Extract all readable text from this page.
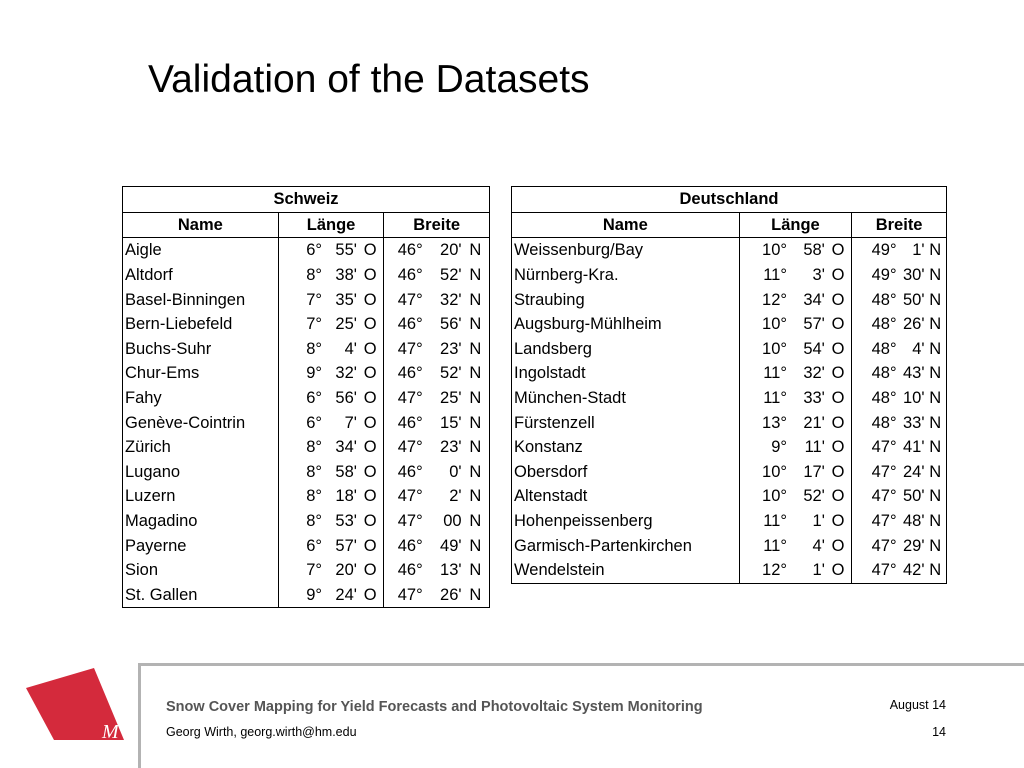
Validation of the Datasets
Schweiz						
Name	Länge			Breite		
Aigle	6°	55'	O	46°	20'	N
Altdorf	8°	38'	O	46°	52'	N
Basel-Binningen	7°	35'	O	47°	32'	N
Bern-Liebefeld	7°	25'	O	46°	56'	N
Buchs-Suhr	8°	4'	O	47°	23'	N
Chur-Ems	9°	32'	O	46°	52'	N
Fahy	6°	56'	O	47°	25'	N
Genève-Cointrin	6°	7'	O	46°	15'	N
Zürich	8°	34'	O	47°	23'	N
Lugano	8°	58'	O	46°	0'	N
Luzern	8°	18'	O	47°	2'	N
Magadino	8°	53'	O	47°	00	N
Payerne	6°	57'	O	46°	49'	N
Sion	7°	20'	O	46°	13'	N
St. Gallen	9°	24'	O	47°	26'	N
Deutschland						
Name	Länge			Breite		
Weissenburg/Bay	10°	58'	O	49°	1'	N
Nürnberg-Kra.	11°	3'	O	49°	30'	N
Straubing	12°	34'	O	48°	50'	N
Augsburg-Mühlheim	10°	57'	O	48°	26'	N
Landsberg	10°	54'	O	48°	4'	N
Ingolstadt	11°	32'	O	48°	43'	N
München-Stadt	11°	33'	O	48°	10'	N
Fürstenzell	13°	21'	O	48°	33'	N
Konstanz	9°	11'	O	47°	41'	N
Obersdorf	10°	17'	O	47°	24'	N
Altenstadt	10°	52'	O	47°	50'	N
Hohenpeissenberg	11°	1'	O	47°	48'	N
Garmisch-Partenkirchen	11°	4'	O	47°	29'	N
Wendelstein	12°	1'	O	47°	42'	N
M
Snow Cover Mapping for Yield Forecasts and Photovoltaic System Monitoring
Georg Wirth, georg.wirth@hm.edu
August 14
14
